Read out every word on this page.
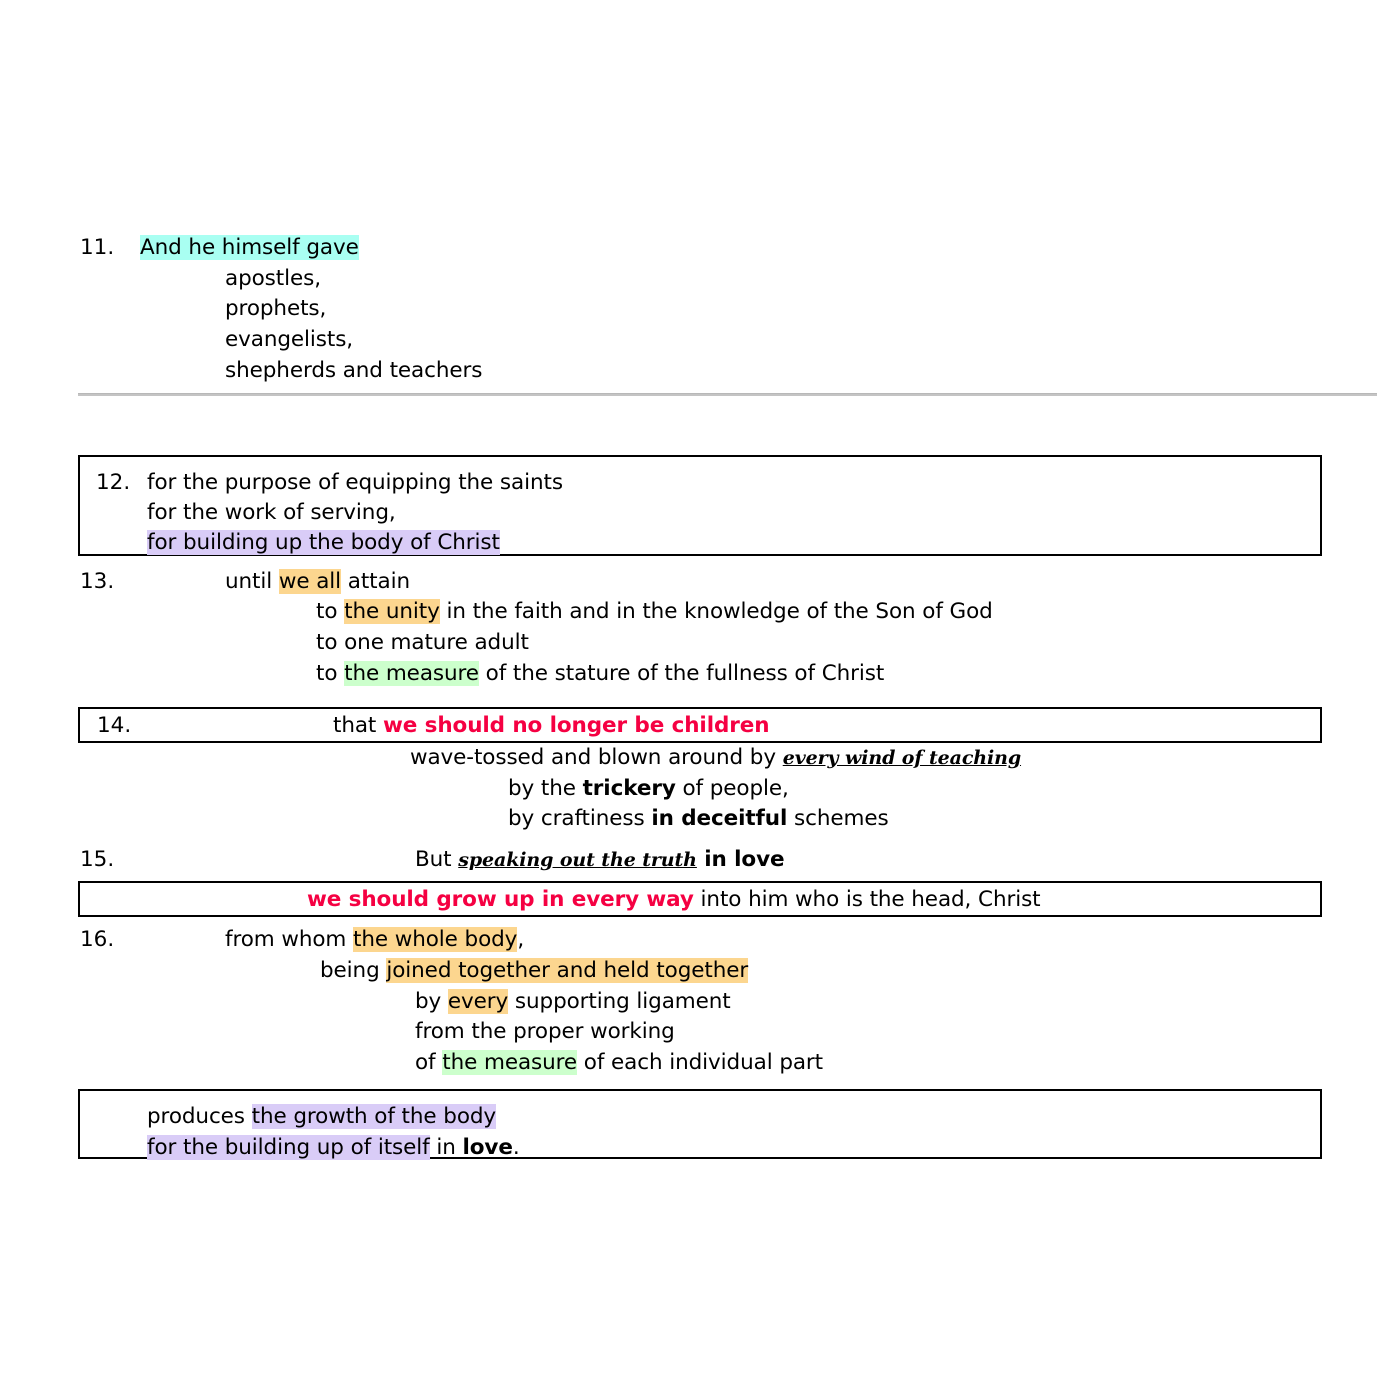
11. And he himself gave
apostles,
prophets,
evangelists,
shepherds and teachers
12. for the purpose of equipping the saints
for the work of serving,
for building up the body of Christ
13.	until we all attain
to the unity in the faith and in the knowledge of the Son of God
to one mature adult
to the measure of the stature of the fullness of Christ
14.	that we should no longer be children
wave-tossed and blown around by every wind of teaching
by the trickery of people,
by craftiness in deceitful schemes
15.	But speaking out the truth in love
we should grow up in every way into him who is the head, Christ
16.	from whom the whole body,
being joined together and held together
by every supporting ligament
from the proper working
of the measure of each individual part
produces the growth of the body
for the building up of itself in love.
